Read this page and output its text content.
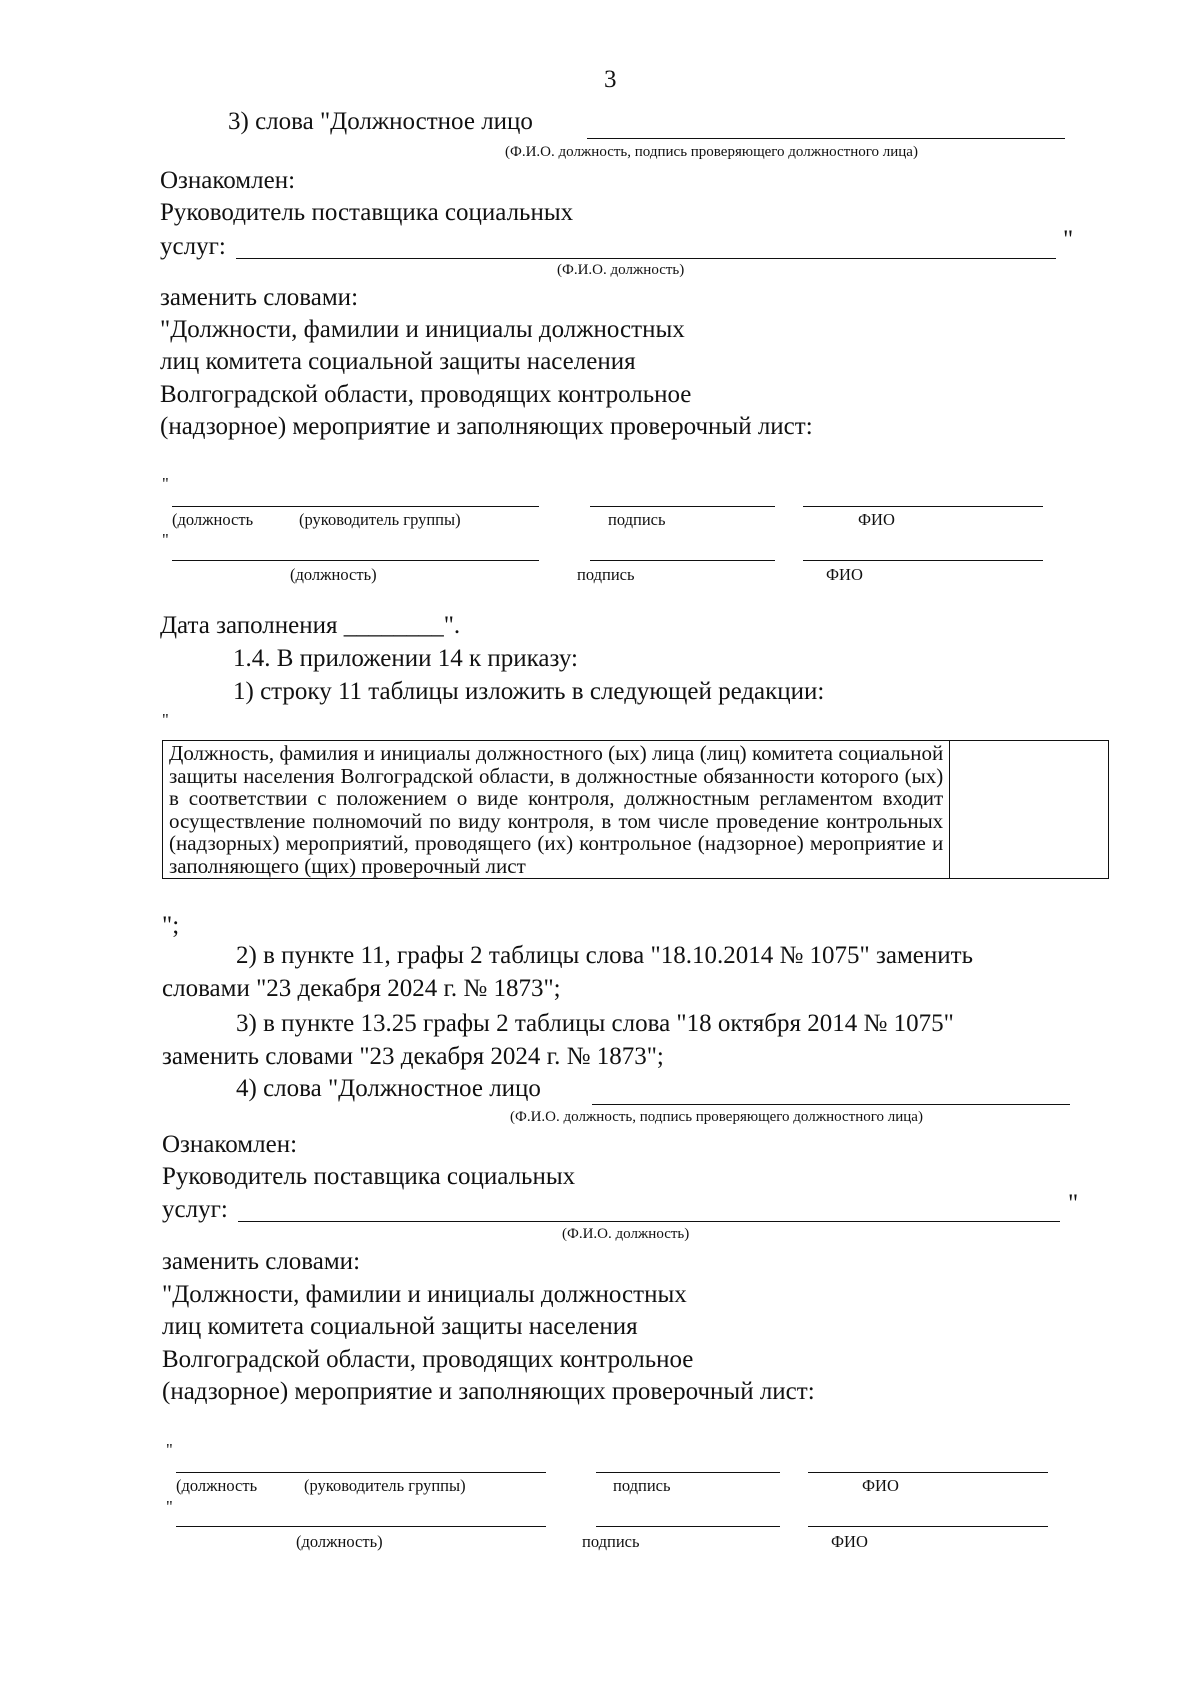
3
3) слова "Должностное лицо
(Ф.И.О. должность, подпись проверяющего должностного лица)
Ознакомлен:
Руководитель поставщика социальных
услуг:	"
(Ф.И.О. должность)
заменить словами:
"Должности, фамилии и инициалы должностных
лиц комитета социальной защиты населения
Волгоградской области, проводящих контрольное
(надзорное) мероприятие и заполняющих проверочный лист:
"
(должность	(руководитель группы)	подпись	ФИО
"
(должность)	подпись	ФИО
Дата заполнения ________".
1.4. В приложении 14 к приказу:
1) строку 11 таблицы изложить в следующей редакции:
"
Должность, фамилия и инициалы должностного (ых) лица (лиц) комитета социальной защиты населения Волгоградской области, в должностные обязанности которого (ых) в соответствии с положением о виде контроля, должностным регламентом входит осуществление полномочий по виду контроля, в том числе проведение контрольных (надзорных) мероприятий, проводящего (их) контрольное (надзорное) мероприятие и заполняющего (щих) проверочный лист

";
2) в пункте 11, графы 2 таблицы слова "18.10.2014 № 1075" заменить
словами "23 декабря 2024 г. № 1873";
3) в пункте 13.25 графы 2 таблицы слова "18 октября 2014 № 1075"
заменить словами "23 декабря 2024 г. № 1873";
4) слова "Должностное лицо
(Ф.И.О. должность, подпись проверяющего должностного лица)
Ознакомлен:
Руководитель поставщика социальных
услуг:	"
(Ф.И.О. должность)
заменить словами:
"Должности, фамилии и инициалы должностных
лиц комитета социальной защиты населения
Волгоградской области, проводящих контрольное
(надзорное) мероприятие и заполняющих проверочный лист:
"
(должность	(руководитель группы)	подпись	ФИО
"
(должность)	подпись	ФИО
